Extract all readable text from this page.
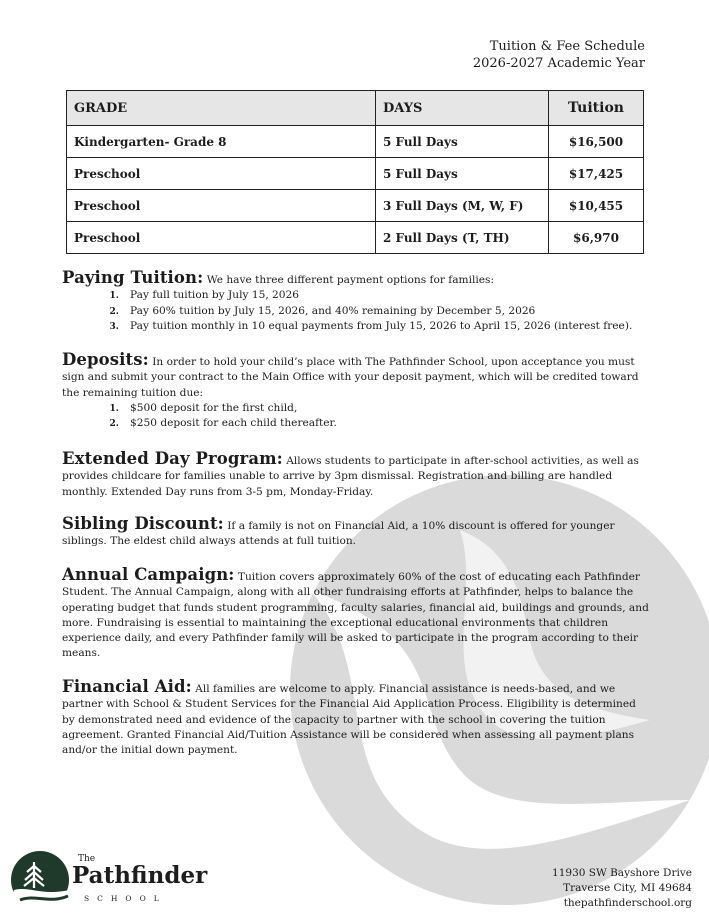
Tuition & Fee Schedule
2026-2027 Academic Year
GRADE	DAYS	Tuition
Kindergarten- Grade 8	5 Full Days	$16,500
Preschool	5 Full Days	$17,425
Preschool	3 Full Days (M, W, F)	$10,455
Preschool	2 Full Days (T, TH)	$6,970
Paying Tuition: We have three different payment options for families:
1. Pay full tuition by July 15, 2026
2. Pay 60% tuition by July 15, 2026, and 40% remaining by December 5, 2026
3. Pay tuition monthly in 10 equal payments from July 15, 2026 to April 15, 2026 (interest free).
Deposits: In order to hold your child’s place with The Pathfinder School, upon acceptance you must sign and submit your contract to the Main Office with your deposit payment, which will be credited toward the remaining tuition due:
1. $500 deposit for the first child,
2. $250 deposit for each child thereafter.
Extended Day Program: Allows students to participate in after-school activities, as well as provides childcare for families unable to arrive by 3pm dismissal. Registration and billing are handled monthly. Extended Day runs from 3-5 pm, Monday-Friday.
Sibling Discount: If a family is not on Financial Aid, a 10% discount is offered for younger siblings. The eldest child always attends at full tuition.
Annual Campaign: Tuition covers approximately 60% of the cost of educating each Pathfinder Student. The Annual Campaign, along with all other fundraising efforts at Pathfinder, helps to balance the operating budget that funds student programming, faculty salaries, financial aid, buildings and grounds, and more. Fundraising is essential to maintaining the exceptional educational environments that children experience daily, and every Pathfinder family will be asked to participate in the program according to their means.
Financial Aid: All families are welcome to apply. Financial assistance is needs-based, and we partner with School & Student Services for the Financial Aid Application Process. Eligibility is determined by demonstrated need and evidence of the capacity to partner with the school in covering the tuition agreement. Granted Financial Aid/Tuition Assistance will be considered when assessing all payment plans and/or the initial down payment.
The
Pathfinder
SCHOOL
11930 SW Bayshore Drive
Traverse City, MI 49684
thepathfinderschool.org
